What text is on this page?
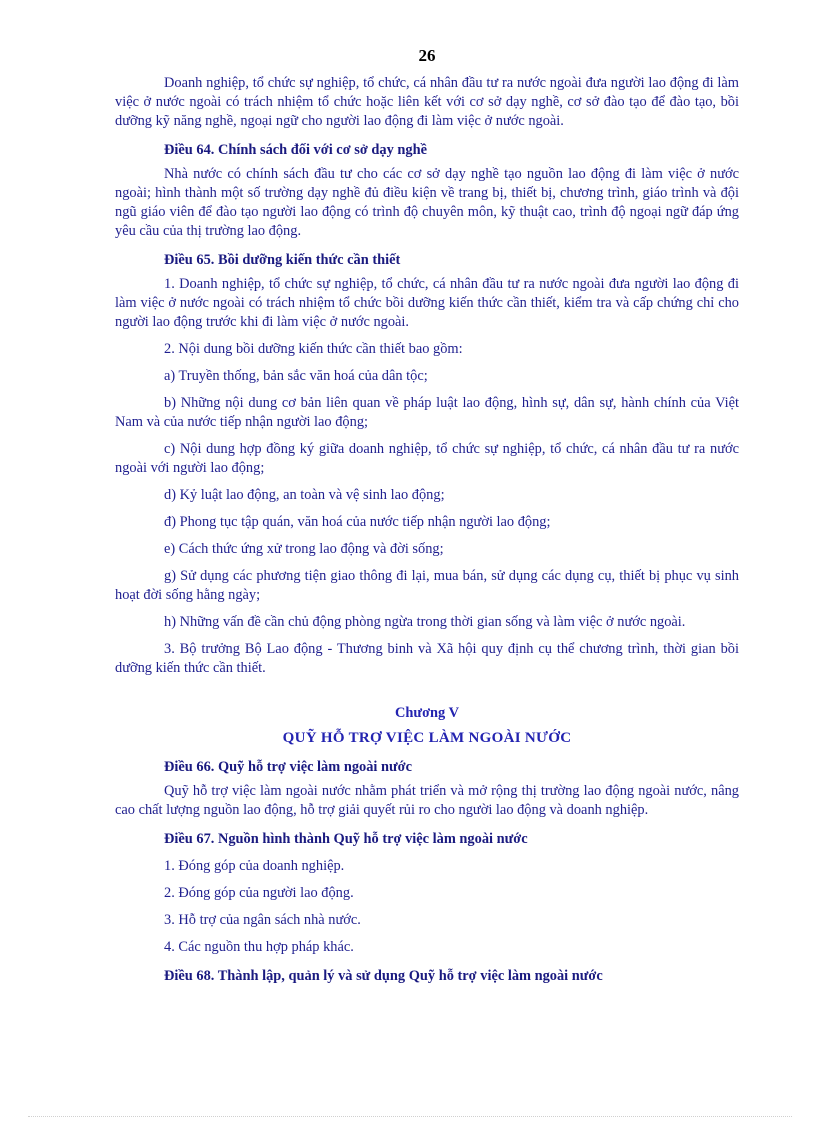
26

Doanh nghiệp, tổ chức sự nghiệp, tổ chức, cá nhân đầu tư ra nước ngoài đưa người lao động đi làm việc ở nước ngoài có trách nhiệm tổ chức hoặc liên kết với cơ sở dạy nghề, cơ sở đào tạo để đào tạo, bồi dưỡng kỹ năng nghề, ngoại ngữ cho người lao động đi làm việc ở nước ngoài.

Điều 64. Chính sách đối với cơ sở dạy nghề

Nhà nước có chính sách đầu tư cho các cơ sở dạy nghề tạo nguồn lao động đi làm việc ở nước ngoài; hình thành một số trường dạy nghề đủ điều kiện về trang bị, thiết bị, chương trình, giáo trình và đội ngũ giáo viên để đào tạo người lao động có trình độ chuyên môn, kỹ thuật cao, trình độ ngoại ngữ đáp ứng yêu cầu của thị trường lao động.

Điều 65. Bồi dưỡng kiến thức cần thiết

1. Doanh nghiệp, tổ chức sự nghiệp, tổ chức, cá nhân đầu tư ra nước ngoài đưa người lao động đi làm việc ở nước ngoài có trách nhiệm tổ chức bồi dưỡng kiến thức cần thiết, kiểm tra và cấp chứng chỉ cho người lao động trước khi đi làm việc ở nước ngoài.

2. Nội dung bồi dưỡng kiến thức cần thiết bao gồm:

a) Truyền thống, bản sắc văn hoá của dân tộc;

b) Những nội dung cơ bản liên quan về pháp luật lao động, hình sự, dân sự, hành chính của Việt Nam và của nước tiếp nhận người lao động;

c) Nội dung hợp đồng ký giữa doanh nghiệp, tổ chức sự nghiệp, tổ chức, cá nhân đầu tư ra nước ngoài với người lao động;

d) Kỷ luật lao động, an toàn và vệ sinh lao động;

đ) Phong tục tập quán, văn hoá của nước tiếp nhận người lao động;

e) Cách thức ứng xử trong lao động và đời sống;

g) Sử dụng các phương tiện giao thông đi lại, mua bán, sử dụng các dụng cụ, thiết bị phục vụ sinh hoạt đời sống hằng ngày;

h) Những vấn đề cần chủ động phòng ngừa trong thời gian sống và làm việc ở nước ngoài.

3. Bộ trưởng Bộ Lao động - Thương binh và Xã hội quy định cụ thể chương trình, thời gian bồi dưỡng kiến thức cần thiết.

Chương V

QUỸ HỖ TRỢ VIỆC LÀM NGOÀI NƯỚC

Điều 66. Quỹ hỗ trợ việc làm ngoài nước

Quỹ hỗ trợ việc làm ngoài nước nhằm phát triển và mở rộng thị trường lao động ngoài nước, nâng cao chất lượng nguồn lao động, hỗ trợ giải quyết rủi ro cho người lao động và doanh nghiệp.

Điều 67. Nguồn hình thành Quỹ hỗ trợ việc làm ngoài nước

1. Đóng góp của doanh nghiệp.

2. Đóng góp của người lao động.

3. Hỗ trợ của ngân sách nhà nước.

4. Các nguồn thu hợp pháp khác.

Điều 68. Thành lập, quản lý và sử dụng Quỹ hỗ trợ việc làm ngoài nước
